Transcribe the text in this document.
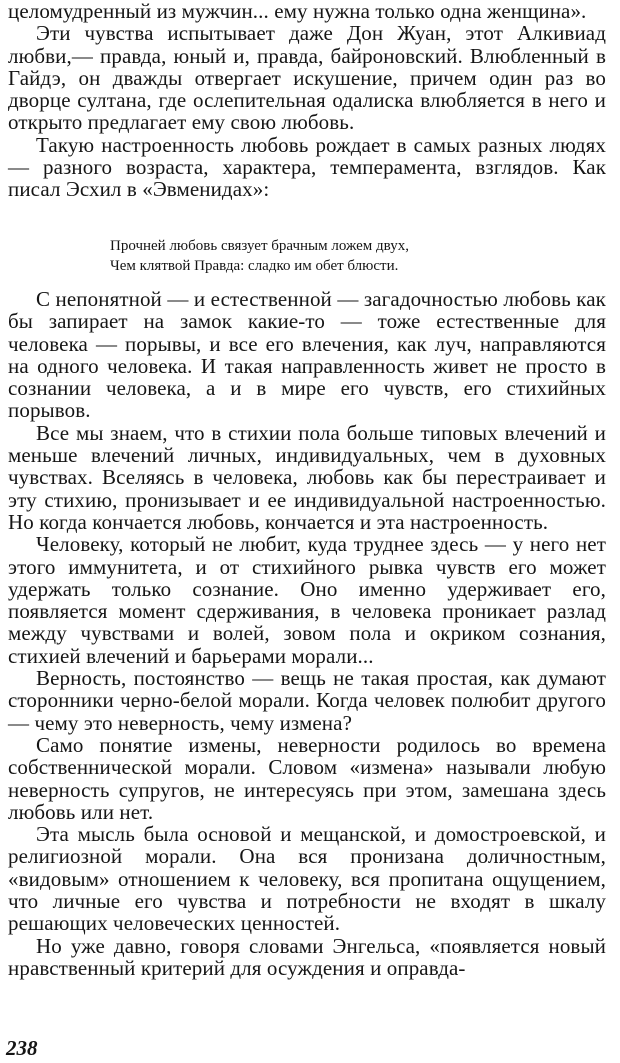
целомудренный из мужчин... ему нужна только одна женщина».

Эти чувства испытывает даже Дон Жуан, этот Алкивиад любви,— правда, юный и, правда, байроновский. Влюбленный в Гайдэ, он дважды отвергает искушение, причем один раз во дворце султана, где ослепительная одалиска влюбляется в него и открыто предлагает ему свою любовь.

Такую настроенность любовь рождает в самых разных людях — разного возраста, характера, темперамента, взглядов. Как писал Эсхил в «Эвменидах»:

Прочней любовь связует брачным ложем двух,
Чем клятвой Правда: сладко им обет блюсти.

С непонятной — и естественной — загадочностью любовь как бы запирает на замок какие-то — тоже естественные для человека — порывы, и все его влечения, как луч, направляются на одного человека. И такая направленность живет не просто в сознании человека, а и в мире его чувств, его стихийных порывов.

Все мы знаем, что в стихии пола больше типовых влечений и меньше влечений личных, индивидуальных, чем в духовных чувствах. Вселяясь в человека, любовь как бы перестраивает и эту стихию, пронизывает и ее индивидуальной настроенностью. Но когда кончается любовь, кончается и эта настроенность.

Человеку, который не любит, куда труднее здесь — у него нет этого иммунитета, и от стихийного рывка чувств его может удержать только сознание. Оно именно удерживает его, появляется момент сдерживания, в человека проникает разлад между чувствами и волей, зовом пола и окриком сознания, стихией влечений и барьерами морали...

Верность, постоянство — вещь не такая простая, как думают сторонники черно-белой морали. Когда человек полюбит другого — чему это неверность, чему измена?

Само понятие измены, неверности родилось во времена собственнической морали. Словом «измена» называли любую неверность супругов, не интересуясь при этом, замешана здесь любовь или нет.

Эта мысль была основой и мещанской, и домостроевской, и религиозной морали. Она вся пронизана доличностным, «видовым» отношением к человеку, вся пропитана ощущением, что личные его чувства и потребности не входят в шкалу решающих человеческих ценностей.

Но уже давно, говоря словами Энгельса, «появляется новый нравственный критерий для осуждения и оправда-

238
